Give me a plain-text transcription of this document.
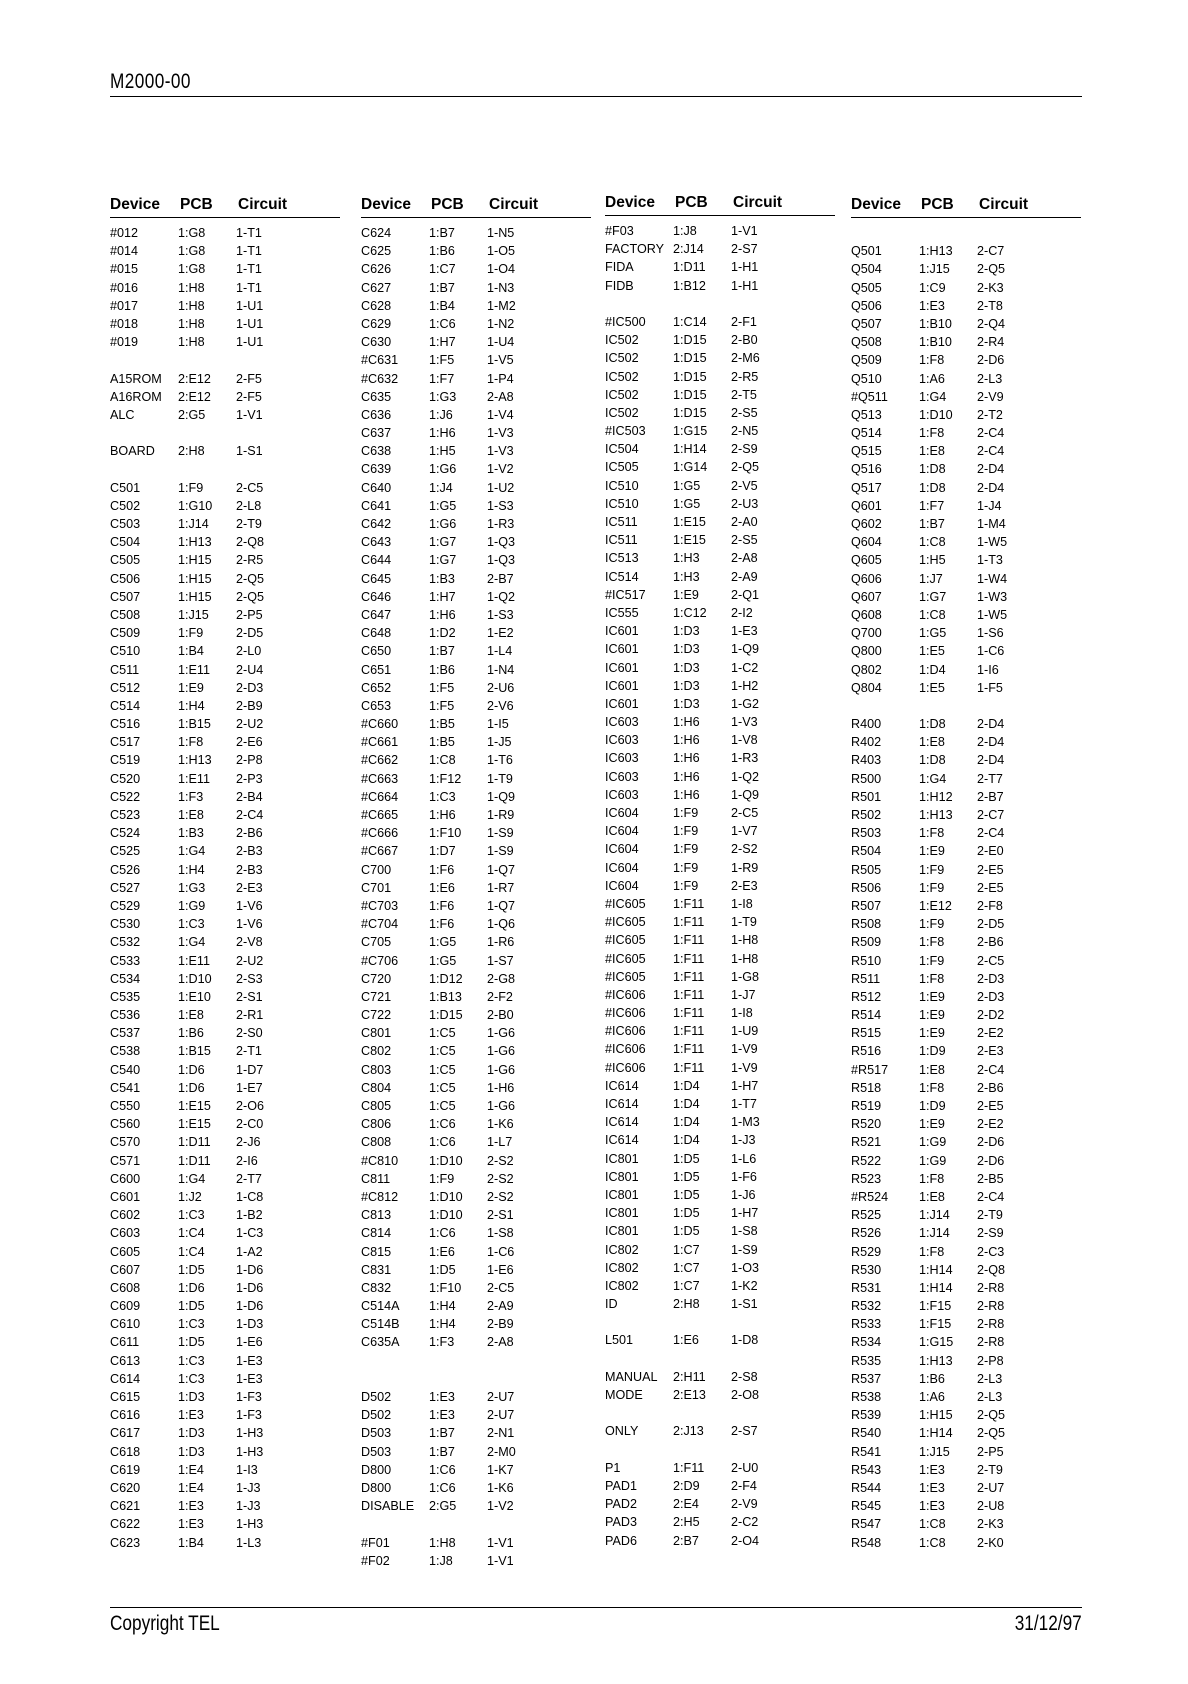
M2000-00
Device PCB Circuit
#012	1:G8 1-T1
#014	1:G8 1-T1
#015	1:G8 1-T1
#016	1:H8 1-T1
#017	1:H8 1-U1
#018	1:H8 1-U1
#019	1:H8 1-U1
A15ROM 2:E12 2-F5
A16ROM 2:E12 2-F5
ALC	2:G5 1-V1
BOARD 2:H8 1-S1
C501	1:F9	2-C5
C502	1:G10 2-L8
C503	1:J14 2-T9
C504	1:H13 2-Q8
C505	1:H15 2-R5
C506	1:H15 2-Q5
C507	1:H15 2-Q5
C508	1:J15 2-P5
C509	1:F9	2-D5
C510	1:B4	2-L0
C511	1:E11 2-U4
C512	1:E9	2-D3
C514	1:H4 2-B9
C516	1:B15 2-U2
C517	1:F8	2-E6
C519	1:H13 2-P8
C520	1:E11 2-P3
C522	1:F3	2-B4
C523	1:E8	2-C4
C524	1:B3	2-B6
C525	1:G4 2-B3
C526	1:H4 2-B3
C527	1:G3 2-E3
C529	1:G9 1-V6
C530	1:C3 1-V6
C532	1:G4 2-V8
C533	1:E11 2-U2
C534	1:D10 2-S3
C535	1:E10 2-S1
C536	1:E8	2-R1
C537	1:B6	2-S0
C538	1:B15 2-T1
C540	1:D6 1-D7
C541	1:D6 1-E7
C550	1:E15 2-O6
C560	1:E15 2-C0
C570	1:D11 2-J6
C571	1:D11 2-I6
C600	1:G4 2-T7
C601	1:J2	1-C8
C602	1:C3 1-B2
C603	1:C4 1-C3
C605	1:C4 1-A2
C607	1:D5 1-D6
C608	1:D6 1-D6
C609	1:D5 1-D6
C610	1:C3 1-D3
C611	1:D5 1-E6
C613	1:C3 1-E3
C614	1:C3 1-E3
C615	1:D3 1-F3
C616	1:E3	1-F3
C617	1:D3 1-H3
C618	1:D3 1-H3
C619	1:E4	1-I3
C620	1:E4	1-J3
C621	1:E3	1-J3
C622	1:E3	1-H3
C623	1:B4	1-L3
Device PCB Circuit
C624	1:B7	1-N5
C625	1:B6	1-O5
C626	1:C7 1-O4
C627	1:B7	1-N3
C628	1:B4	1-M2
C629	1:C6 1-N2
C630	1:H7 1-U4
#C631 1:F5	1-V5
#C632 1:F7	1-P4
C635	1:G3 2-A8
C636	1:J6	1-V4
C637	1:H6 1-V3
C638	1:H5 1-V3
C639	1:G6 1-V2
C640	1:J4	1-U2
C641	1:G5 1-S3
C642	1:G6 1-R3
C643	1:G7 1-Q3
C644	1:G7 1-Q3
C645	1:B3	2-B7
C646	1:H7 1-Q2
C647	1:H6 1-S3
C648	1:D2 1-E2
C650	1:B7	1-L4
C651	1:B6	1-N4
C652	1:F5	2-U6
C653	1:F5	2-V6
#C660 1:B5	1-I5
#C661 1:B5	1-J5
#C662 1:C8 1-T6
#C663 1:F12 1-T9
#C664 1:C3 1-Q9
#C665 1:H6 1-R9
#C666 1:F10 1-S9
#C667 1:D7 1-S9
C700	1:F6	1-Q7
C701	1:E6	1-R7
#C703 1:F6	1-Q7
#C704 1:F6	1-Q6
C705	1:G5 1-R6
#C706 1:G5 1-S7
C720	1:D12 2-G8
C721	1:B13 2-F2
C722	1:D15 2-B0
C801	1:C5 1-G6
C802	1:C5 1-G6
C803	1:C5 1-G6
C804	1:C5 1-H6
C805	1:C5 1-G6
C806	1:C6 1-K6
C808	1:C6 1-L7
#C810 1:D10 2-S2
C811	1:F9	2-S2
#C812 1:D10 2-S2
C813	1:D10 2-S1
C814	1:C6 1-S8
C815	1:E6	1-C6
C831	1:D5 1-E6
C832	1:F10 2-C5
C514A 1:H4 2-A9
C514B 1:H4 2-B9
C635A 1:F3	2-A8
D502	1:E3	2-U7
D502	1:E3	2-U7
D503	1:B7	2-N1
D503	1:B7	2-M0
D800	1:C6 1-K7
D800	1:C6 1-K6
DISABLE 2:G5 1-V2
#F01	1:H8 1-V1
#F02	1:J8	1-V1
Device PCB Circuit
#F03	1:J8	1-V1
FACTORY 2:J14 2-S7
FIDA	1:D11 1-H1
FIDB	1:B12 1-H1
#IC500 1:C14 2-F1
IC502	1:D15 2-B0
IC502	1:D15 2-M6
IC502	1:D15 2-R5
IC502	1:D15 2-T5
IC502	1:D15 2-S5
#IC503 1:G15 2-N5
IC504	1:H14 2-S9
IC505	1:G14 2-Q5
IC510	1:G5 2-V5
IC510	1:G5 2-U3
IC511	1:E15 2-A0
IC511	1:E15 2-S5
IC513	1:H3 2-A8
IC514	1:H3 2-A9
#IC517 1:E9	2-Q1
IC555	1:C12 2-I2
IC601	1:D3 1-E3
IC601	1:D3 1-Q9
IC601	1:D3 1-C2
IC601	1:D3 1-H2
IC601	1:D3 1-G2
IC603	1:H6 1-V3
IC603	1:H6 1-V8
IC603	1:H6 1-R3
IC603	1:H6 1-Q2
IC603	1:H6 1-Q9
IC604	1:F9	2-C5
IC604	1:F9	1-V7
IC604	1:F9	2-S2
IC604	1:F9	1-R9
IC604	1:F9	2-E3
#IC605 1:F11 1-I8
#IC605 1:F11 1-T9
#IC605 1:F11 1-H8
#IC605 1:F11 1-H8
#IC605 1:F11 1-G8
#IC606 1:F11 1-J7
#IC606 1:F11 1-I8
#IC606 1:F11 1-U9
#IC606 1:F11 1-V9
#IC606 1:F11 1-V9
IC614	1:D4 1-H7
IC614	1:D4 1-T7
IC614	1:D4 1-M3
IC614	1:D4 1-J3
IC801	1:D5 1-L6
IC801	1:D5 1-F6
IC801	1:D5 1-J6
IC801	1:D5 1-H7
IC801	1:D5 1-S8
IC802	1:C7 1-S9
IC802	1:C7 1-O3
IC802	1:C7 1-K2
ID	2:H8 1-S1
L501	1:E6	1-D8
MANUAL 2:H11 2-S8
MODE 2:E13 2-O8
ONLY	2:J13 2-S7
P1	1:F11 2-U0
PAD1	2:D9 2-F4
PAD2	2:E4	2-V9
PAD3	2:H5 2-C2
PAD6	2:B7	2-O4
Device PCB Circuit
Q501	1:H13 2-C7
Q504	1:J15 2-Q5
Q505	1:C9 2-K3
Q506	1:E3	2-T8
Q507	1:B10 2-Q4
Q508	1:B10 2-R4
Q509	1:F8	2-D6
Q510	1:A6	2-L3
#Q511 1:G4 2-V9
Q513	1:D10 2-T2
Q514	1:F8	2-C4
Q515	1:E8	2-C4
Q516	1:D8 2-D4
Q517	1:D8 2-D4
Q601	1:F7	1-J4
Q602	1:B7	1-M4
Q604	1:C8 1-W5
Q605	1:H5 1-T3
Q606	1:J7	1-W4
Q607	1:G7 1-W3
Q608	1:C8 1-W5
Q700	1:G5 1-S6
Q800	1:E5	1-C6
Q802	1:D4 1-I6
Q804	1:E5	1-F5
R400	1:D8 2-D4
R402	1:E8	2-D4
R403	1:D8 2-D4
R500	1:G4 2-T7
R501	1:H12 2-B7
R502	1:H13 2-C7
R503	1:F8	2-C4
R504	1:E9	2-E0
R505	1:F9	2-E5
R506	1:F9	2-E5
R507	1:E12 2-F8
R508	1:F9	2-D5
R509	1:F8	2-B6
R510	1:F9	2-C5
R511	1:F8	2-D3
R512	1:E9	2-D3
R514	1:E9	2-D2
R515	1:E9	2-E2
R516	1:D9 2-E3
#R517 1:E8	2-C4
R518	1:F8	2-B6
R519	1:D9 2-E5
R520	1:E9	2-E2
R521	1:G9 2-D6
R522	1:G9 2-D6
R523	1:F8	2-B5
#R524 1:E8	2-C4
R525	1:J14 2-T9
R526	1:J14 2-S9
R529	1:F8	2-C3
R530	1:H14 2-Q8
R531	1:H14 2-R8
R532	1:F15 2-R8
R533	1:F15 2-R8
R534	1:G15 2-R8
R535	1:H13 2-P8
R537	1:B6	2-L3
R538	1:A6	2-L3
R539	1:H15 2-Q5
R540	1:H14 2-Q5
R541	1:J15 2-P5
R543	1:E3	2-T9
R544	1:E3	2-U7
R545	1:E3	2-U8
R547	1:C8 2-K3
R548	1:C8 2-K0
Copyright TEL	31/12/97
